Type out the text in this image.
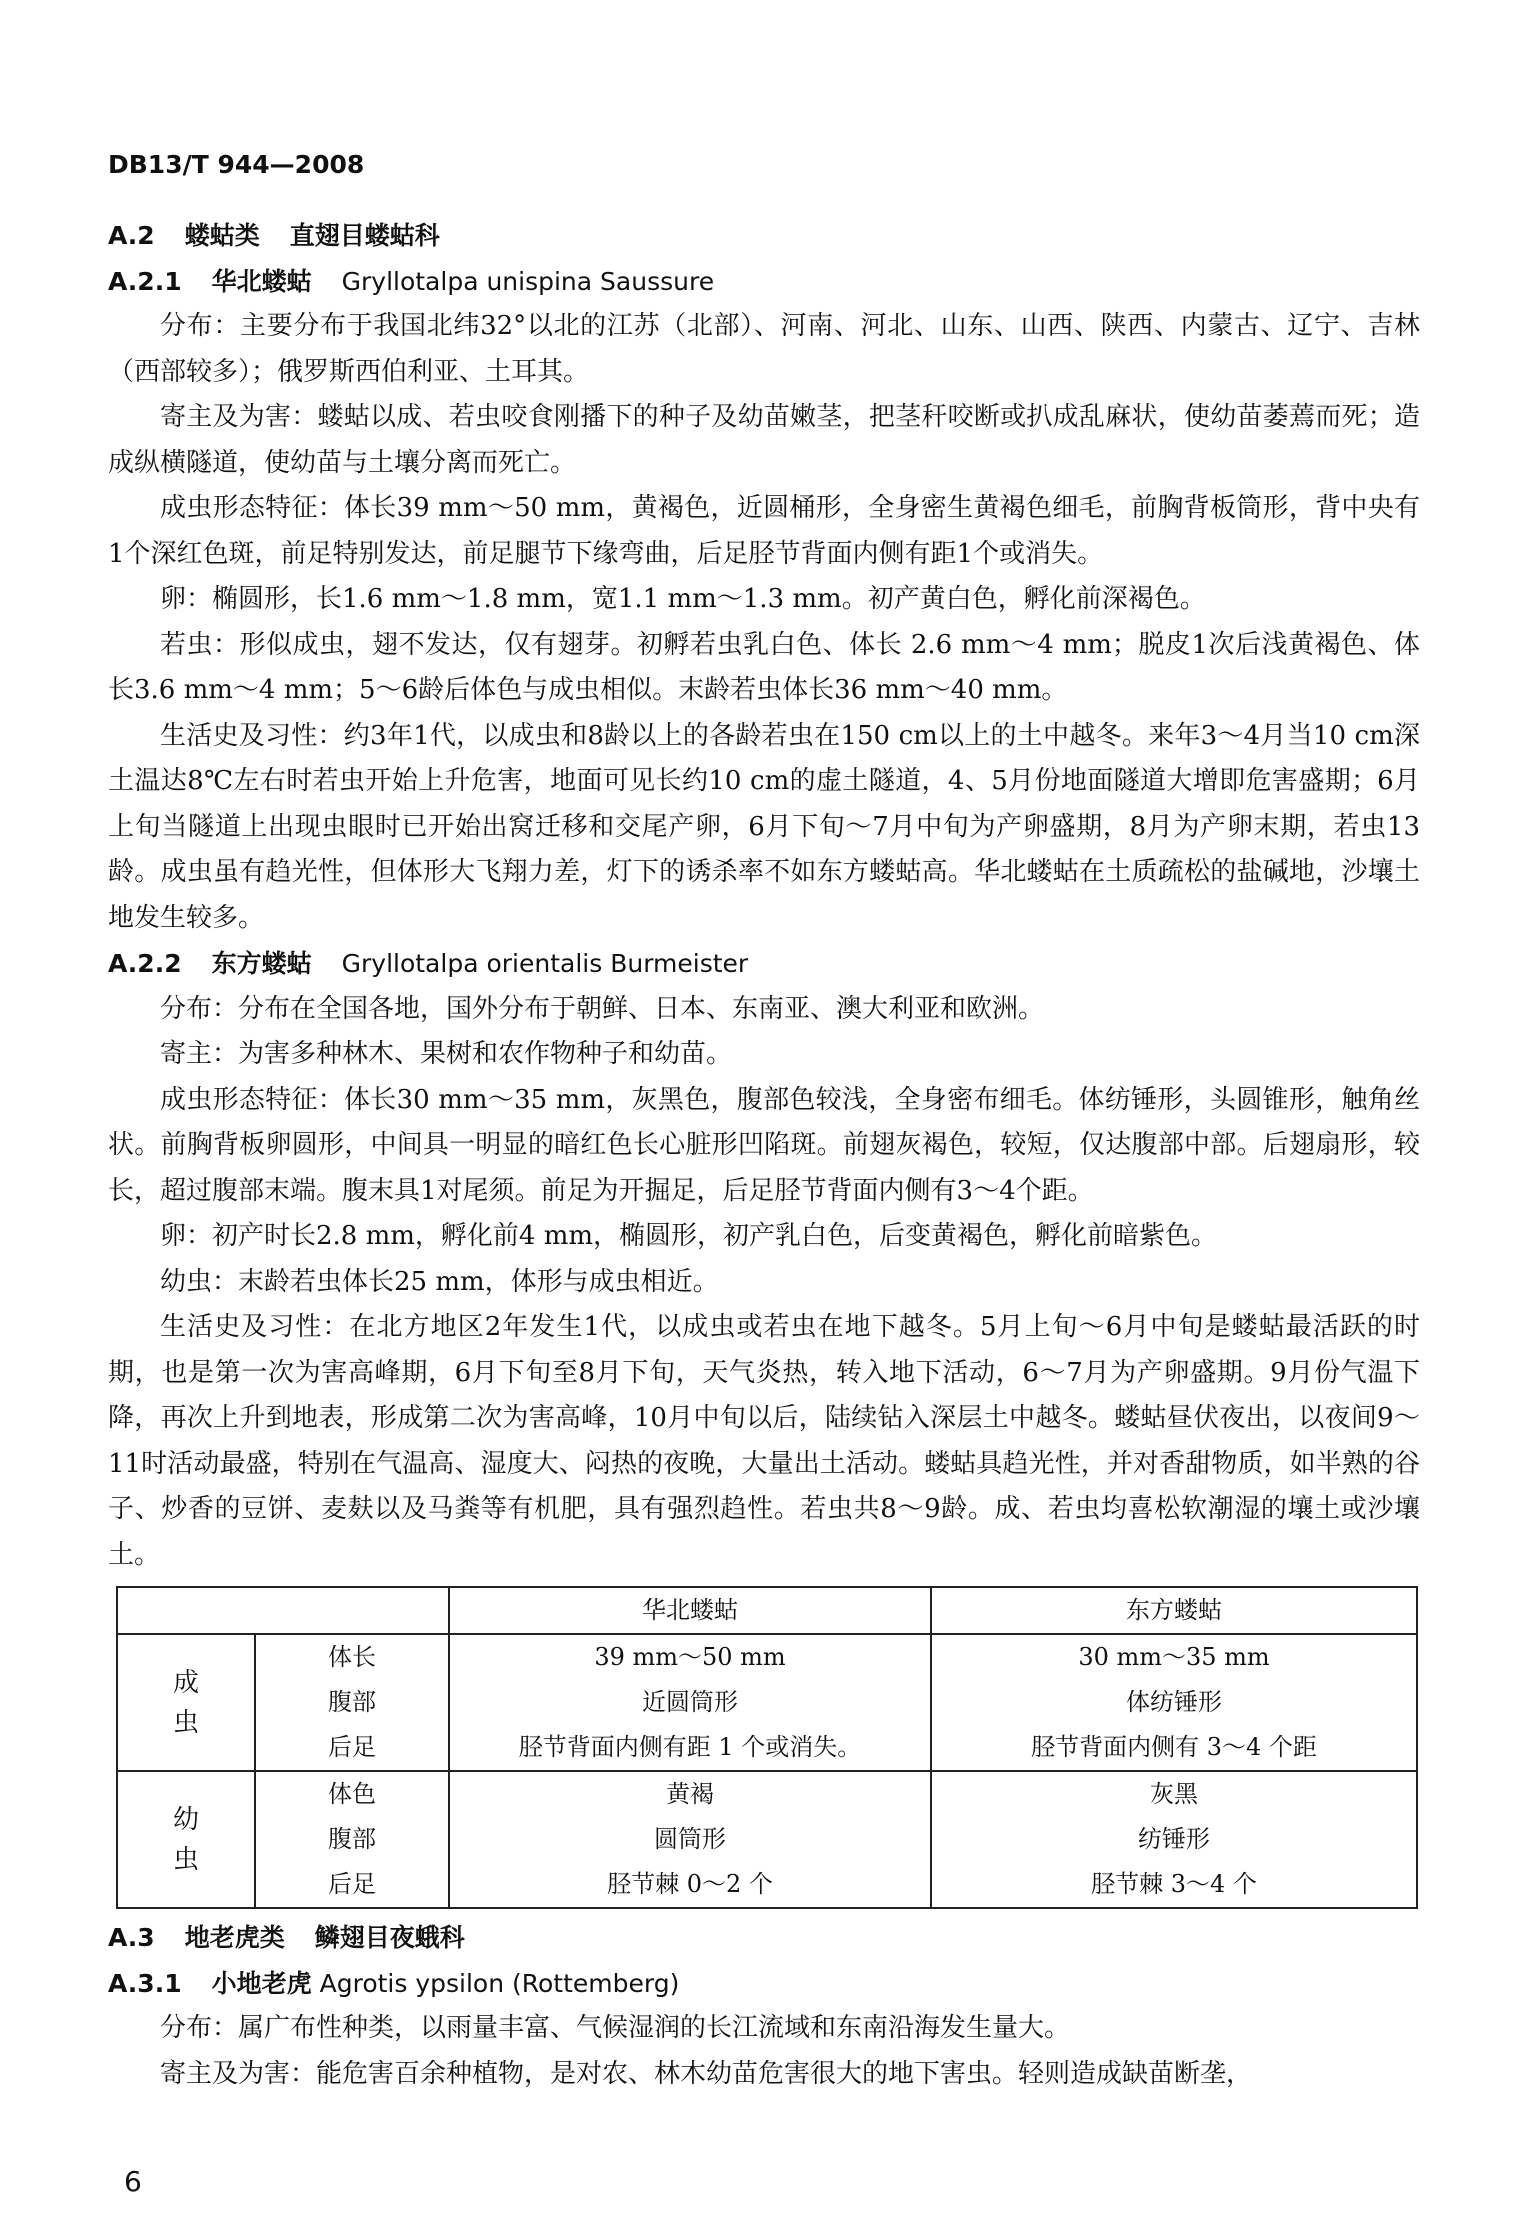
DB13/T 944—2008
A.2 蝼蛄类 直翅目蝼蛄科
A.2.1 华北蝼蛄 Gryllotalpa unispina Saussure

分布：主要分布于我国北纬32°以北的江苏（北部）、河南、河北、山东、山西、陕西、内蒙古、辽宁、吉林（西部较多）；俄罗斯西伯利亚、土耳其。

寄主及为害：蝼蛄以成、若虫咬食刚播下的种子及幼苗嫩茎，把茎秆咬断或扒成乱麻状，使幼苗萎蔫而死；造成纵横隧道，使幼苗与土壤分离而死亡。

成虫形态特征：体长39 mm～50 mm，黄褐色，近圆桶形，全身密生黄褐色细毛，前胸背板筒形，背中央有1个深红色斑，前足特别发达，前足腿节下缘弯曲，后足胫节背面内侧有距1个或消失。

卵：椭圆形，长1.6 mm～1.8 mm，宽1.1 mm～1.3 mm。初产黄白色，孵化前深褐色。

若虫：形似成虫，翅不发达，仅有翅芽。初孵若虫乳白色、体长 2.6 mm～4 mm；脱皮1次后浅黄褐色、体长3.6 mm～4 mm；5～6龄后体色与成虫相似。末龄若虫体长36 mm～40 mm。

生活史及习性：约3年1代，以成虫和8龄以上的各龄若虫在150 cm以上的土中越冬。来年3～4月当10 cm深土温达8℃左右时若虫开始上升危害，地面可见长约10 cm的虚土隧道，4、5月份地面隧道大增即危害盛期；6月上旬当隧道上出现虫眼时已开始出窝迁移和交尾产卵，6月下旬～7月中旬为产卵盛期，8月为产卵末期，若虫13龄。成虫虽有趋光性，但体形大飞翔力差，灯下的诱杀率不如东方蝼蛄高。华北蝼蛄在土质疏松的盐碱地，沙壤土地发生较多。

A.2.2 东方蝼蛄 Gryllotalpa orientalis Burmeister

分布：分布在全国各地，国外分布于朝鲜、日本、东南亚、澳大利亚和欧洲。

寄主：为害多种林木、果树和农作物种子和幼苗。

成虫形态特征：体长30 mm～35 mm，灰黑色，腹部色较浅，全身密布细毛。体纺锤形，头圆锥形，触角丝状。前胸背板卵圆形，中间具一明显的暗红色长心脏形凹陷斑。前翅灰褐色，较短，仅达腹部中部。后翅扇形，较长，超过腹部末端。腹末具1对尾须。前足为开掘足，后足胫节背面内侧有3～4个距。

卵：初产时长2.8 mm，孵化前4 mm，椭圆形，初产乳白色，后变黄褐色，孵化前暗紫色。

幼虫：末龄若虫体长25 mm，体形与成虫相近。

生活史及习性：在北方地区2年发生1代，以成虫或若虫在地下越冬。5月上旬～6月中旬是蝼蛄最活跃的时期，也是第一次为害高峰期，6月下旬至8月下旬，天气炎热，转入地下活动，6～7月为产卵盛期。9月份气温下降，再次上升到地表，形成第二次为害高峰，10月中旬以后，陆续钻入深层土中越冬。蝼蛄昼伏夜出，以夜间9～11时活动最盛，特别在气温高、湿度大、闷热的夜晚，大量出土活动。蝼蛄具趋光性，并对香甜物质，如半熟的谷子、炒香的豆饼、麦麸以及马粪等有机肥，具有强烈趋性。若虫共8～9龄。成、若虫均喜松软潮湿的壤土或沙壤土。

		华北蝼蛄	东方蝼蛄

成
虫	体长	39 mm～50 mm	30 mm～35 mm
	腹部	近圆筒形	体纺锤形
	后足	胫节背面内侧有距 1 个或消失。	胫节背面内侧有 3～4 个距

幼
虫	体色	黄褐	灰黑
	腹部	圆筒形	纺锤形
	后足	胫节棘 0～2 个	胫节棘 3～4 个
A.3 地老虎类 鳞翅目夜蛾科
A.3.1 小地老虎 Agrotis ypsilon (Rottemberg)

分布：属广布性种类，以雨量丰富、气候湿润的长江流域和东南沿海发生量大。

寄主及为害：能危害百余种植物，是对农、林木幼苗危害很大的地下害虫。轻则造成缺苗断垄，

6
